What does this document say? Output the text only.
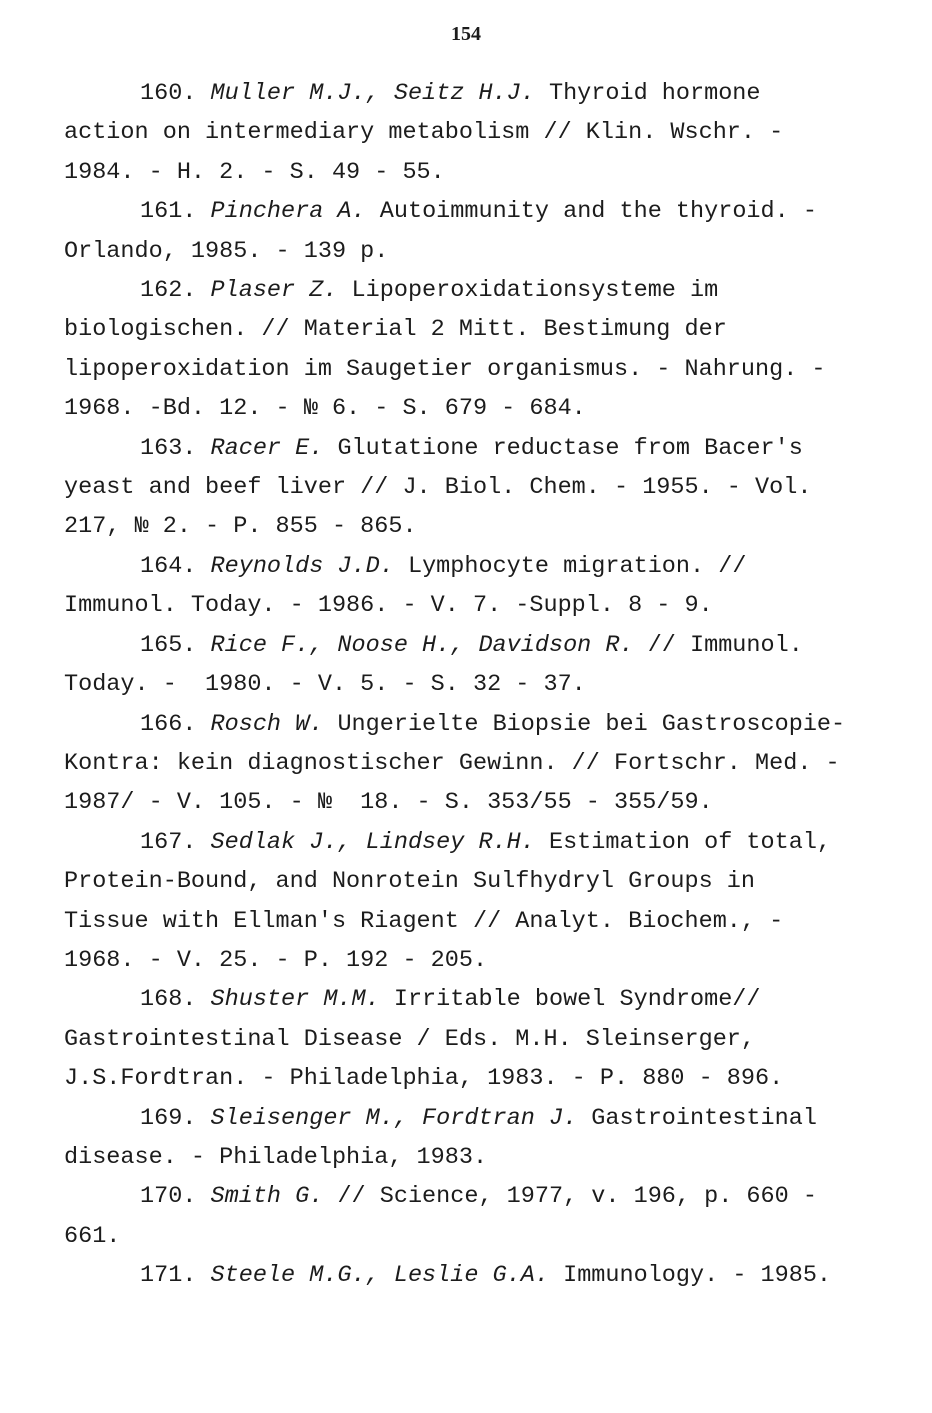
154
160. Muller M.J., Seitz H.J. Thyroid hormone
action on intermediary metabolism // Klin. Wschr. -
1984. - H. 2. - S. 49 - 55.
161. Pinchera A. Autoimmunity and the thyroid. -
Orlando, 1985. - 139 p.
162. Plaser Z. Lipoperoxidationsysteme im
biologischen. // Material 2 Mitt. Bestimung der
lipoperoxidation im Saugetier organismus. - Nahrung. -
1968. -Bd. 12. - № 6. - S. 679 - 684.
163. Racer E. Glutatione reductase from Bacer's
yeast and beef liver // J. Biol. Chem. - 1955. - Vol.
217, № 2. - P. 855 - 865.
164. Reynolds J.D. Lymphocyte migration. //
Immunol. Today. - 1986. - V. 7. -Suppl. 8 - 9.
165. Rice F., Noose H., Davidson R. // Immunol.
Today. -  1980. - V. 5. - S. 32 - 37.
166. Rosch W. Ungerielte Biopsie bei Gastroscopie-
Kontra: kein diagnostischer Gewinn. // Fortschr. Med. -
1987/ - V. 105. - №  18. - S. 353/55 - 355/59.
167. Sedlak J., Lindsey R.H. Estimation of total,
Protein-Bound, and Nonrotein Sulfhydryl Groups in
Tissue with Ellman's Riagent // Analyt. Biochem., -
1968. - V. 25. - P. 192 - 205.
168. Shuster M.M. Irritable bowel Syndrome//
Gastrointestinal Disease / Eds. M.H. Sleinserger,
J.S.Fordtran. - Philadelphia, 1983. - P. 880 - 896.
169. Sleisenger M., Fordtran J. Gastrointestinal
disease. - Philadelphia, 1983.
170. Smith G. // Science, 1977, v. 196, p. 660 -
661.
171. Steele M.G., Leslie G.A. Immunology. - 1985.
